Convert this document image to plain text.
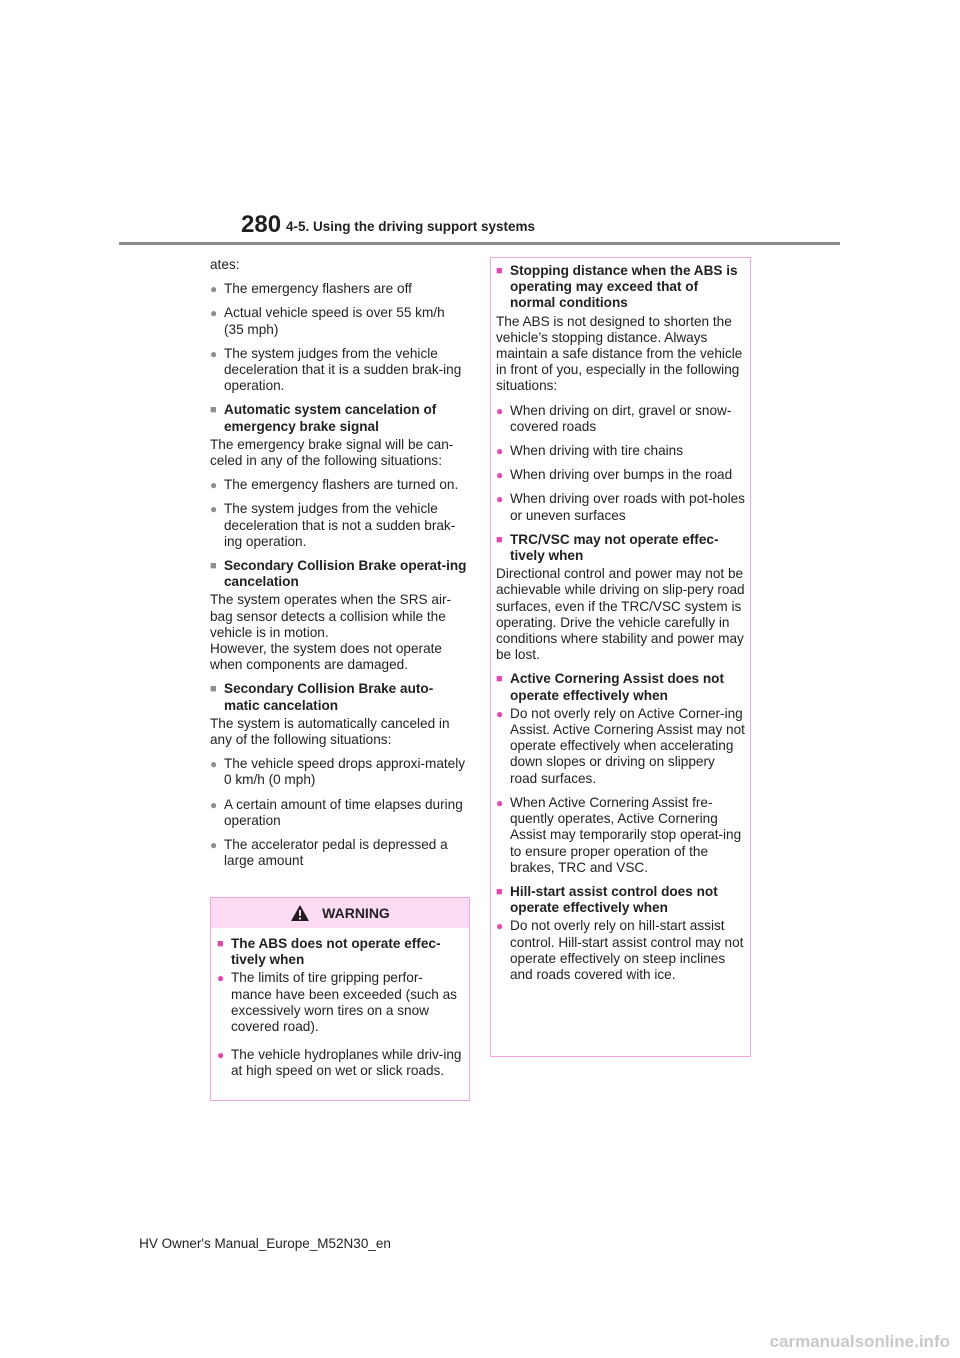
280 4-5. Using the driving support systems

ates:

● The emergency flashers are off
● Actual vehicle speed is over 55 km/h (35 mph)
● The system judges from the vehicle deceleration that it is a sudden brak-ing operation.
■ Automatic system cancelation of emergency brake signal

The emergency brake signal will be can-celed in any of the following situations:

● The emergency flashers are turned on.
● The system judges from the vehicle deceleration that is not a sudden brak-ing operation.
■ Secondary Collision Brake operat-ing cancelation

The system operates when the SRS air-bag sensor detects a collision while the vehicle is in motion.

However, the system does not operate when components are damaged.

■ Secondary Collision Brake auto-matic cancelation

The system is automatically canceled in any of the following situations:

● The vehicle speed drops approxi-mately 0 km/h (0 mph)
● A certain amount of time elapses during operation
● The accelerator pedal is depressed a large amount
WARNING
■ The ABS does not operate effec-tively when
● The limits of tire gripping perfor-mance have been exceeded (such as excessively worn tires on a snow covered road).
● The vehicle hydroplanes while driv-ing at high speed on wet or slick roads.
■ Stopping distance when the ABS is operating may exceed that of normal conditions

The ABS is not designed to shorten the vehicle’s stopping distance. Always maintain a safe distance from the vehicle in front of you, especially in the following situations:

● When driving on dirt, gravel or snow-covered roads
● When driving with tire chains
● When driving over bumps in the road
● When driving over roads with pot-holes or uneven surfaces
■ TRC/VSC may not operate effec-tively when

Directional control and power may not be achievable while driving on slip-pery road surfaces, even if the TRC/VSC system is operating. Drive the vehicle carefully in conditions where stability and power may be lost.

■ Active Cornering Assist does not operate effectively when
● Do not overly rely on Active Corner-ing Assist. Active Cornering Assist may not operate effectively when accelerating down slopes or driving on slippery road surfaces.
● When Active Cornering Assist fre-quently operates, Active Cornering Assist may temporarily stop operat-ing to ensure proper operation of the brakes, TRC and VSC.
■ Hill-start assist control does not operate effectively when
● Do not overly rely on hill-start assist control. Hill-start assist control may not operate effectively on steep inclines and roads covered with ice.
HV Owner's Manual_Europe_M52N30_en
carmanualsonline.info
